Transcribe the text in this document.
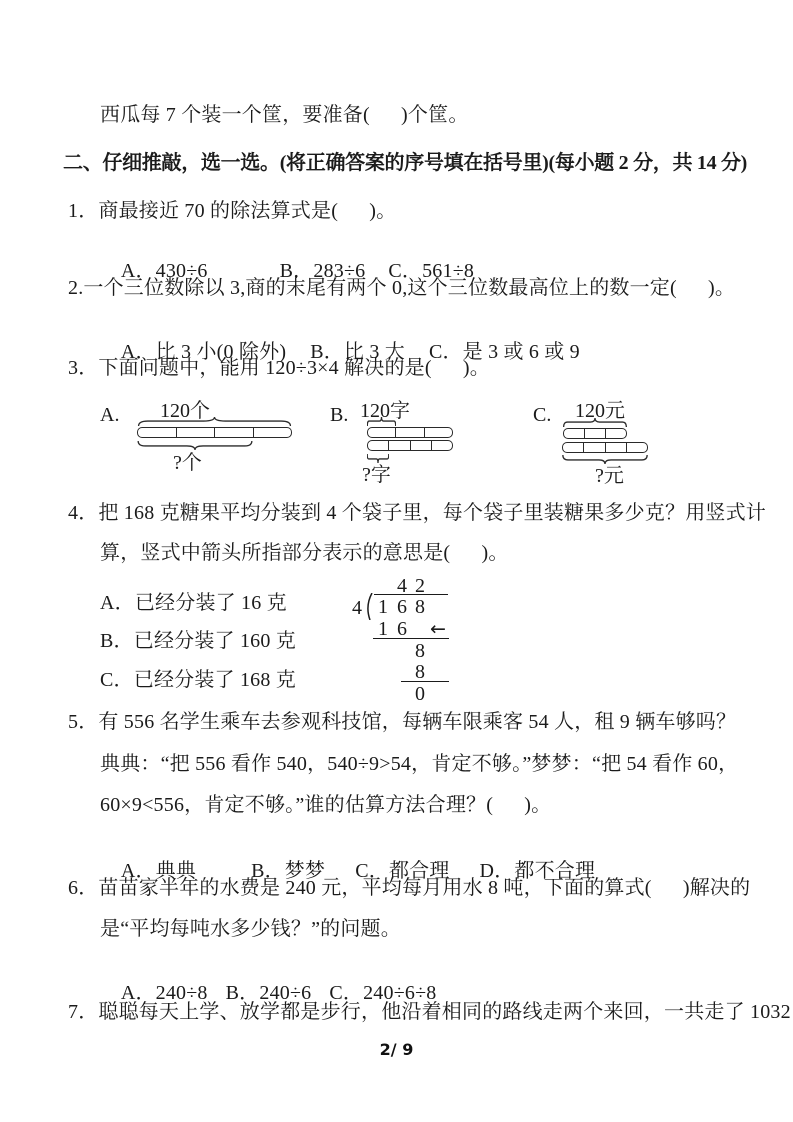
西瓜每 7 个装一个筐，要准备(      )个筐。
二、仔细推敲，选一选。(将正确答案的序号填在括号里)(每小题 2 分，共 14 分)
1．商最接近 70 的除法算式是(      )。

A．430÷6	B．283÷6 C．561÷8

2.一个三位数除以 3,商的末尾有两个 0,这个三位数最高位上的数一定(      )。

A．比 3 小(0 除外) B．比 3 大 C．是 3 或 6 或 9

3．下面问题中，能用 120÷3×4 解决的是(      )。
A. 120个
?个
B. 120字
?字
C. 120元
?元
4．把 168 克糖果平均分装到 4 个袋子里，每个袋子里装糖果多少克？用竖式计
算，竖式中箭头所指部分表示的意思是(      )。
A．已经分装了 16 克
B．已经分装了 160 克
C．已经分装了 168 克
4 2
4 1 6 8
1 6 ←
8
8
0
5．有 556 名学生乘车去参观科技馆，每辆车限乘客 54 人，租 9 辆车够吗？
典典：“把 556 看作 540，540÷9>54，肯定不够。”梦梦：“把 54 看作 60，
60×9<556，肯定不够。”谁的估算方法合理？(      )。

A．典典	B．梦梦 C．都合理 D．都不合理

6．苗苗家半年的水费是 240 元，平均每月用水 8 吨，下面的算式(      )解决的
是“平均每吨水多少钱？”的问题。

A．240÷8 B．240÷6 C．240÷6÷8

7．聪聪每天上学、放学都是步行，他沿着相同的路线走两个来回，一共走了 1032
2/ 9
